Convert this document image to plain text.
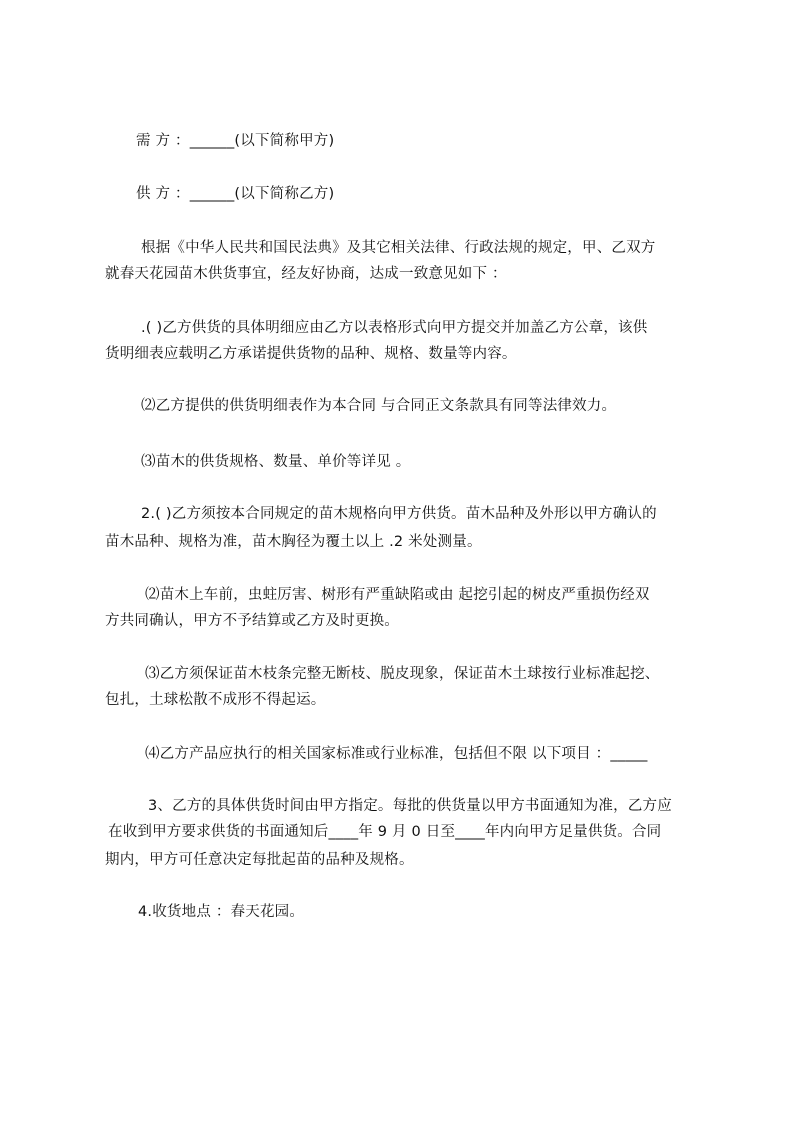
需 方 ：______(以下简称甲方)

供 方 ：______(以下简称乙方)

根据《中华人民共和国民法典》及其它相关法律、行政法规的规定，甲、乙双方

就春天花园苗木供货事宜，经友好协商，达成一致意见如下 ：

.( )乙方供货的具体明细应由乙方以表格形式向甲方提交并加盖乙方公章，该供

货明细表应载明乙方承诺提供货物的品种、规格、数量等内容。

⑵乙方提供的供货明细表作为本合同 与合同正文条款具有同等法律效力。

⑶苗木的供货规格、数量、单价等详见 。

2.( )乙方须按本合同规定的苗木规格向甲方供货。苗木品种及外形以甲方确认的

苗木品种、规格为准，苗木胸径为覆土以上 .2 米处测量。

⑵苗木上车前，虫蛀厉害、树形有严重缺陷或由 起挖引起的树皮严重损伤经双

方共同确认，甲方不予结算或乙方及时更换。

⑶乙方须保证苗木枝条完整无断枝、脱皮现象，保证苗木土球按行业标准起挖、

包扎，土球松散不成形不得起运。

⑷乙方产品应执行的相关国家标准或行业标准，包括但不限 以下项目 ：_____

3、乙方的具体供货时间由甲方指定。每批的供货量以甲方书面通知为准，乙方应

在收到甲方要求供货的书面通知后____年 9 月 0 日至____年内向甲方足量供货。合同

期内，甲方可任意决定每批起苗的品种及规格。

4.收货地点 ：春天花园。
